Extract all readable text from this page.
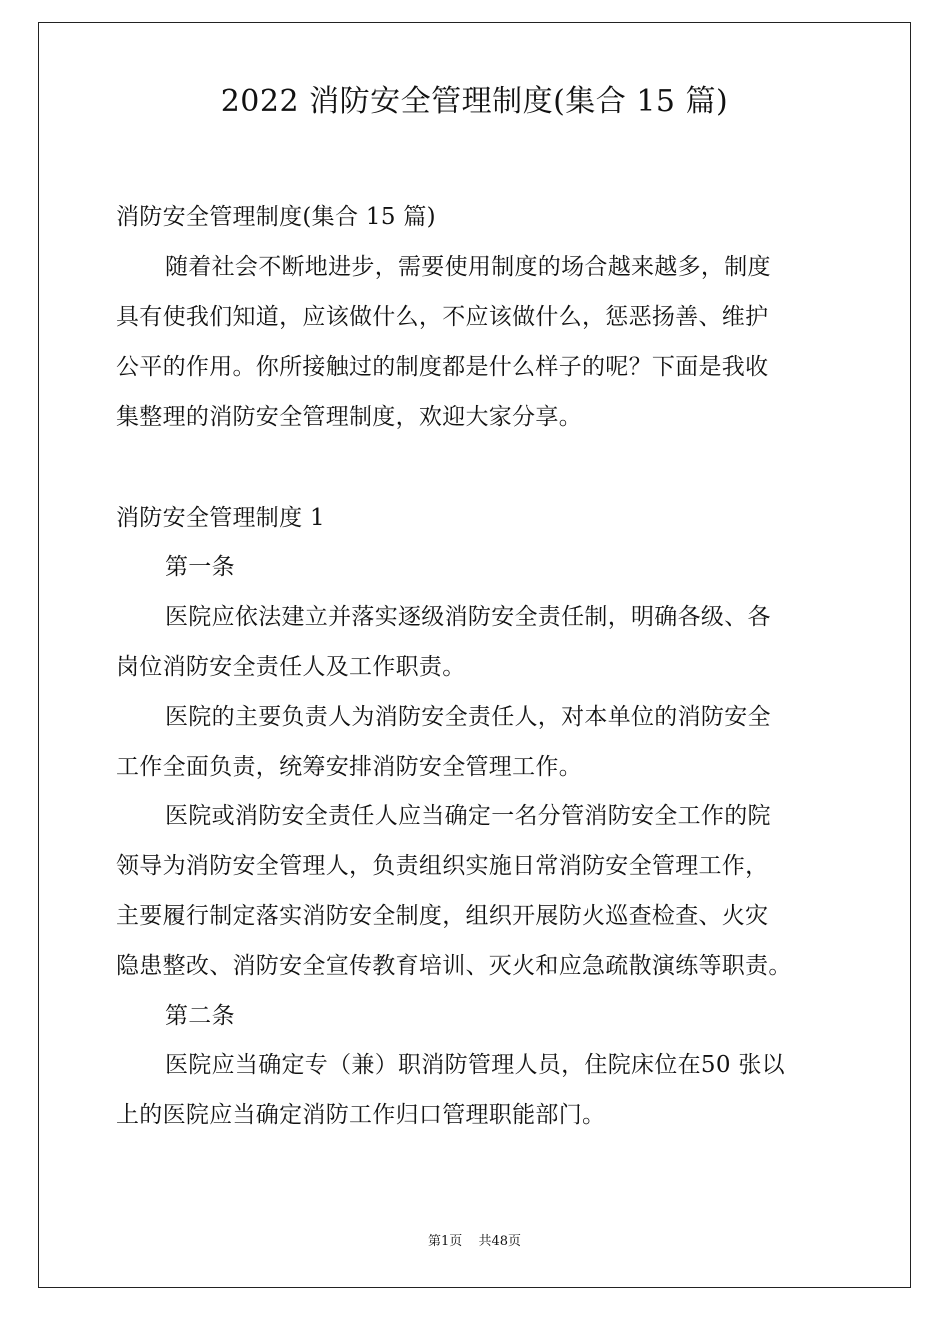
2022 消防安全管理制度(集合 15 篇)

消防安全管理制度(集合 15 篇)

随着社会不断地进步，需要使用制度的场合越来越多，制度

具有使我们知道，应该做什么，不应该做什么，惩恶扬善、维护

公平的作用。你所接触过的制度都是什么样子的呢？下面是我收

集整理的消防安全管理制度，欢迎大家分享。

消防安全管理制度 1

第一条

医院应依法建立并落实逐级消防安全责任制，明确各级、各

岗位消防安全责任人及工作职责。

医院的主要负责人为消防安全责任人，对本单位的消防安全

工作全面负责，统筹安排消防安全管理工作。

医院或消防安全责任人应当确定一名分管消防安全工作的院

领导为消防安全管理人，负责组织实施日常消防安全管理工作，

主要履行制定落实消防安全制度，组织开展防火巡查检查、火灾

隐患整改、消防安全宣传教育培训、灭火和应急疏散演练等职责。

第二条

医院应当确定专（兼）职消防管理人员，住院床位在50 张以

上的医院应当确定消防工作归口管理职能部门。

第1页 共48页
